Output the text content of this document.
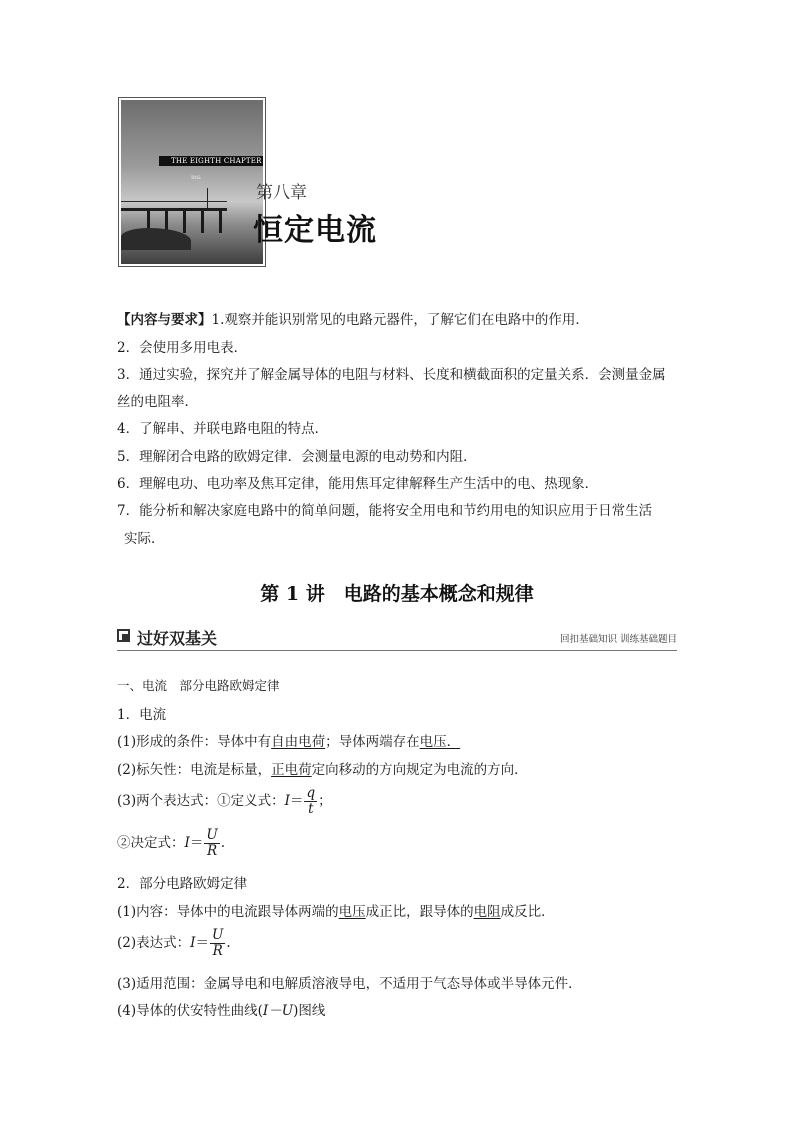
THE EIGHTH CHAPTER
Bt&
第八章
恒定电流
【内容与要求】1.观察并能识别常见的电路元器件，了解它们在电路中的作用．
2．会使用多用电表．
3．通过实验，探究并了解金属导体的电阻与材料、长度和横截面积的定量关系．会测量金属
丝的电阻率．
4．了解串、并联电路电阻的特点．
5．理解闭合电路的欧姆定律．会测量电源的电动势和内阻．
6．理解电功、电功率及焦耳定律，能用焦耳定律解释生产生活中的电、热现象．
7．能分析和解决家庭电路中的简单问题，能将安全用电和节约用电的知识应用于日常生活
实际．
第 1 讲　电路的基本概念和规律
过好双基关	回扣基础知识 训练基础题目
一、电流　部分电路欧姆定律
1．电流
(1)形成的条件：导体中有自由电荷；导体两端存在电压．
(2)标矢性：电流是标量，正电荷定向移动的方向规定为电流的方向．
(3)两个表达式：①定义式：$I= \frac{q}{t}$ ；
②决定式：$I= \frac{U}{R}$ .
2．部分电路欧姆定律
(1)内容：导体中的电流跟导体两端的电压成正比，跟导体的电阻成反比．
(2)表达式：$I= \frac{U}{R}$ .
(3)适用范围：金属导电和电解质溶液导电，不适用于气态导体或半导体元件．
(4)导体的伏安特性曲线(I－U)图线
